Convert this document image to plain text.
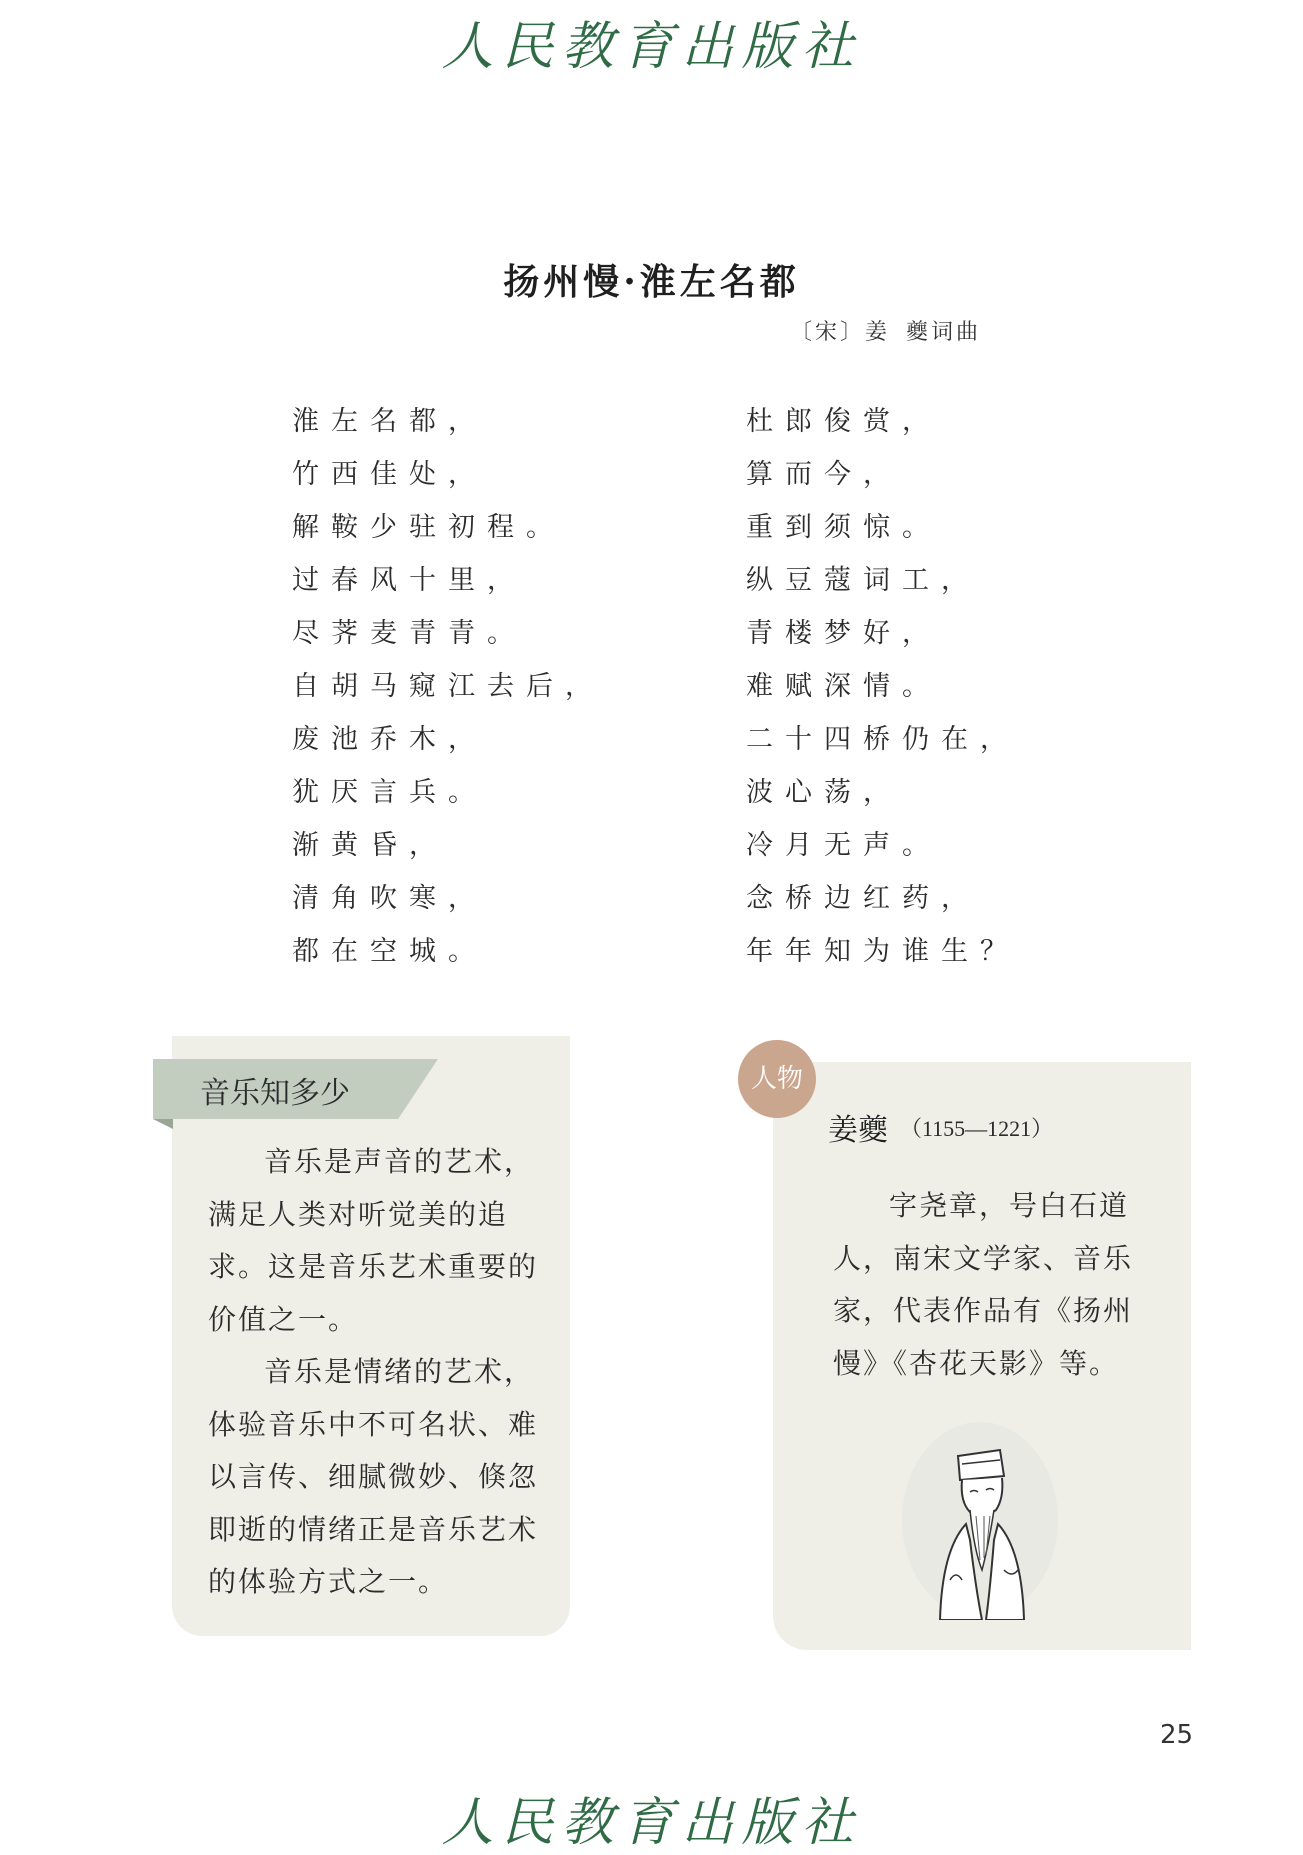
人民教育出版社
扬州慢·淮左名都
〔宋〕姜 夔词曲
淮左名都，
竹西佳处，
解鞍少驻初程。
过春风十里，
尽荠麦青青。
自胡马窥江去后，
废池乔木，
犹厌言兵。
渐黄昏，
清角吹寒，
都在空城。
杜郎俊赏，
算而今，
重到须惊。
纵豆蔻词工，
青楼梦好，
难赋深情。
二十四桥仍在，
波心荡，
冷月无声。
念桥边红药，
年年知为谁生？
音乐知多少

音乐是声音的艺术，满足人类对听觉美的追求。这是音乐艺术重要的价值之一。

音乐是情绪的艺术，体验音乐中不可名状、难以言传、细腻微妙、倏忽即逝的情绪正是音乐艺术的体验方式之一。

人物
姜夔 （1155—1221）

字尧章，号白石道人，南宋文学家、音乐家，代表作品有《扬州慢》《杏花天影》等。

25
人民教育出版社
